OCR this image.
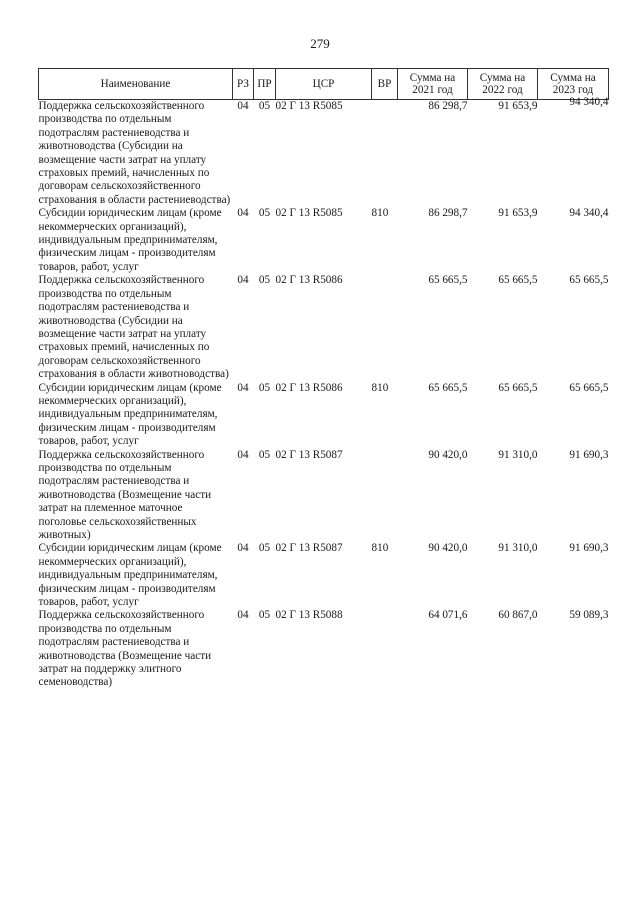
279
Наименование	РЗ	ПР	ЦСР	ВР	Сумма на 2021 год	Сумма на 2022 год	Сумма на 2023 год
Поддержка сельскохозяйственного производства по отдельным подотраслям растениеводства и животноводства (Субсидии на возмещение части затрат на уплату страховых премий, начисленных по договорам сельскохозяйственного страхования в области растениеводства)	04	05	02 Г 13 R5085		86 298,7	91 653,9	94 340,4
Субсидии юридическим лицам (кроме некоммерческих организаций), индивидуальным предпринимателям, физическим лицам - производителям товаров, работ, услуг	04	05	02 Г 13 R5085	810	86 298,7	91 653,9	94 340,4
Поддержка сельскохозяйственного производства по отдельным подотраслям растениеводства и животноводства (Субсидии на возмещение части затрат на уплату страховых премий, начисленных по договорам сельскохозяйственного страхования в области животноводства)	04	05	02 Г 13 R5086		65 665,5	65 665,5	65 665,5
Субсидии юридическим лицам (кроме некоммерческих организаций), индивидуальным предпринимателям, физическим лицам - производителям товаров, работ, услуг	04	05	02 Г 13 R5086	810	65 665,5	65 665,5	65 665,5
Поддержка сельскохозяйственного производства по отдельным подотраслям растениеводства и животноводства (Возмещение части затрат на племенное маточное поголовье сельскохозяйственных животных)	04	05	02 Г 13 R5087		90 420,0	91 310,0	91 690,3
Субсидии юридическим лицам (кроме некоммерческих организаций), индивидуальным предпринимателям, физическим лицам - производителям товаров, работ, услуг	04	05	02 Г 13 R5087	810	90 420,0	91 310,0	91 690,3
Поддержка сельскохозяйственного производства по отдельным подотраслям растениеводства и животноводства (Возмещение части затрат на поддержку элитного семеноводства)	04	05	02 Г 13 R5088		64 071,6	60 867,0	59 089,3
